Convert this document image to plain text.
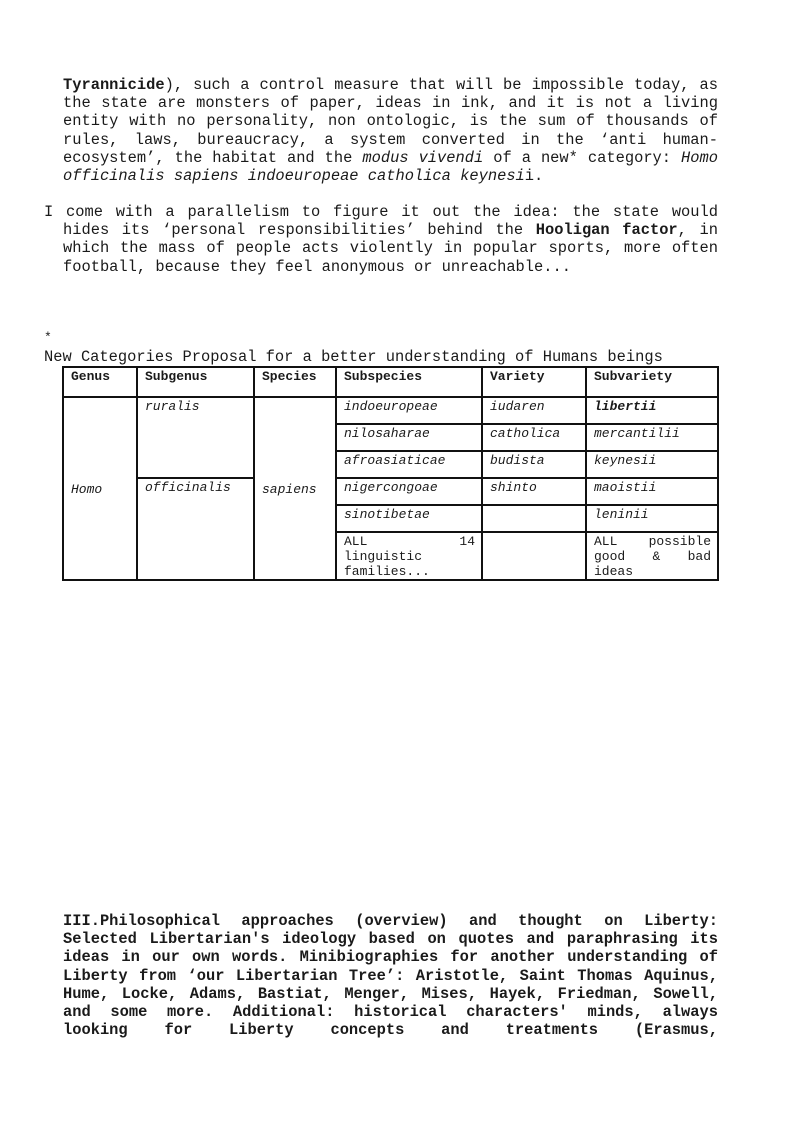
Tyrannicide), such a control measure that will be impossible today, as the state are monsters of paper, ideas in ink, and it is not a living entity with no personality, non ontologic, is the sum of thousands of rules, laws, bureaucracy, a system converted in the ‘anti human-ecosystem’, the habitat and the modus vivendi of a new* category: Homo officinalis sapiens indoeuropeae catholica keynesii.

I come with a parallelism to figure it out the idea: the state would hides its ‘personal responsibilities’ behind the Hooligan factor, in which the mass of people acts violently in popular sports, more often football, because they feel anonymous or unreachable...

*
New Categories Proposal for a better understanding of Humans beings
Genus	Subgenus	Species	Subspecies	Variety	Subvariety
Homo	ruralis	sapiens	indoeuropeae	iudaren	libertii
			nilosaharae	catholica	mercantilii
			afroasiaticae	budista	keynesii
	officinalis		nigercongoae	shinto	maoistii
			sinotibetae		leninii
			ALL 14 linguistic families...		ALL possible good & bad ideas

III.Philosophical approaches (overview) and thought on Liberty: Selected Libertarian's ideology based on quotes and paraphrasing its ideas in our own words. Minibiographies for another understanding of Liberty from ‘our Libertarian Tree’: Aristotle, Saint Thomas Aquinus, Hume, Locke, Adams, Bastiat, Menger, Mises, Hayek, Friedman, Sowell, and some more. Additional: historical characters' minds, always looking for Liberty concepts and treatments (Erasmus,
